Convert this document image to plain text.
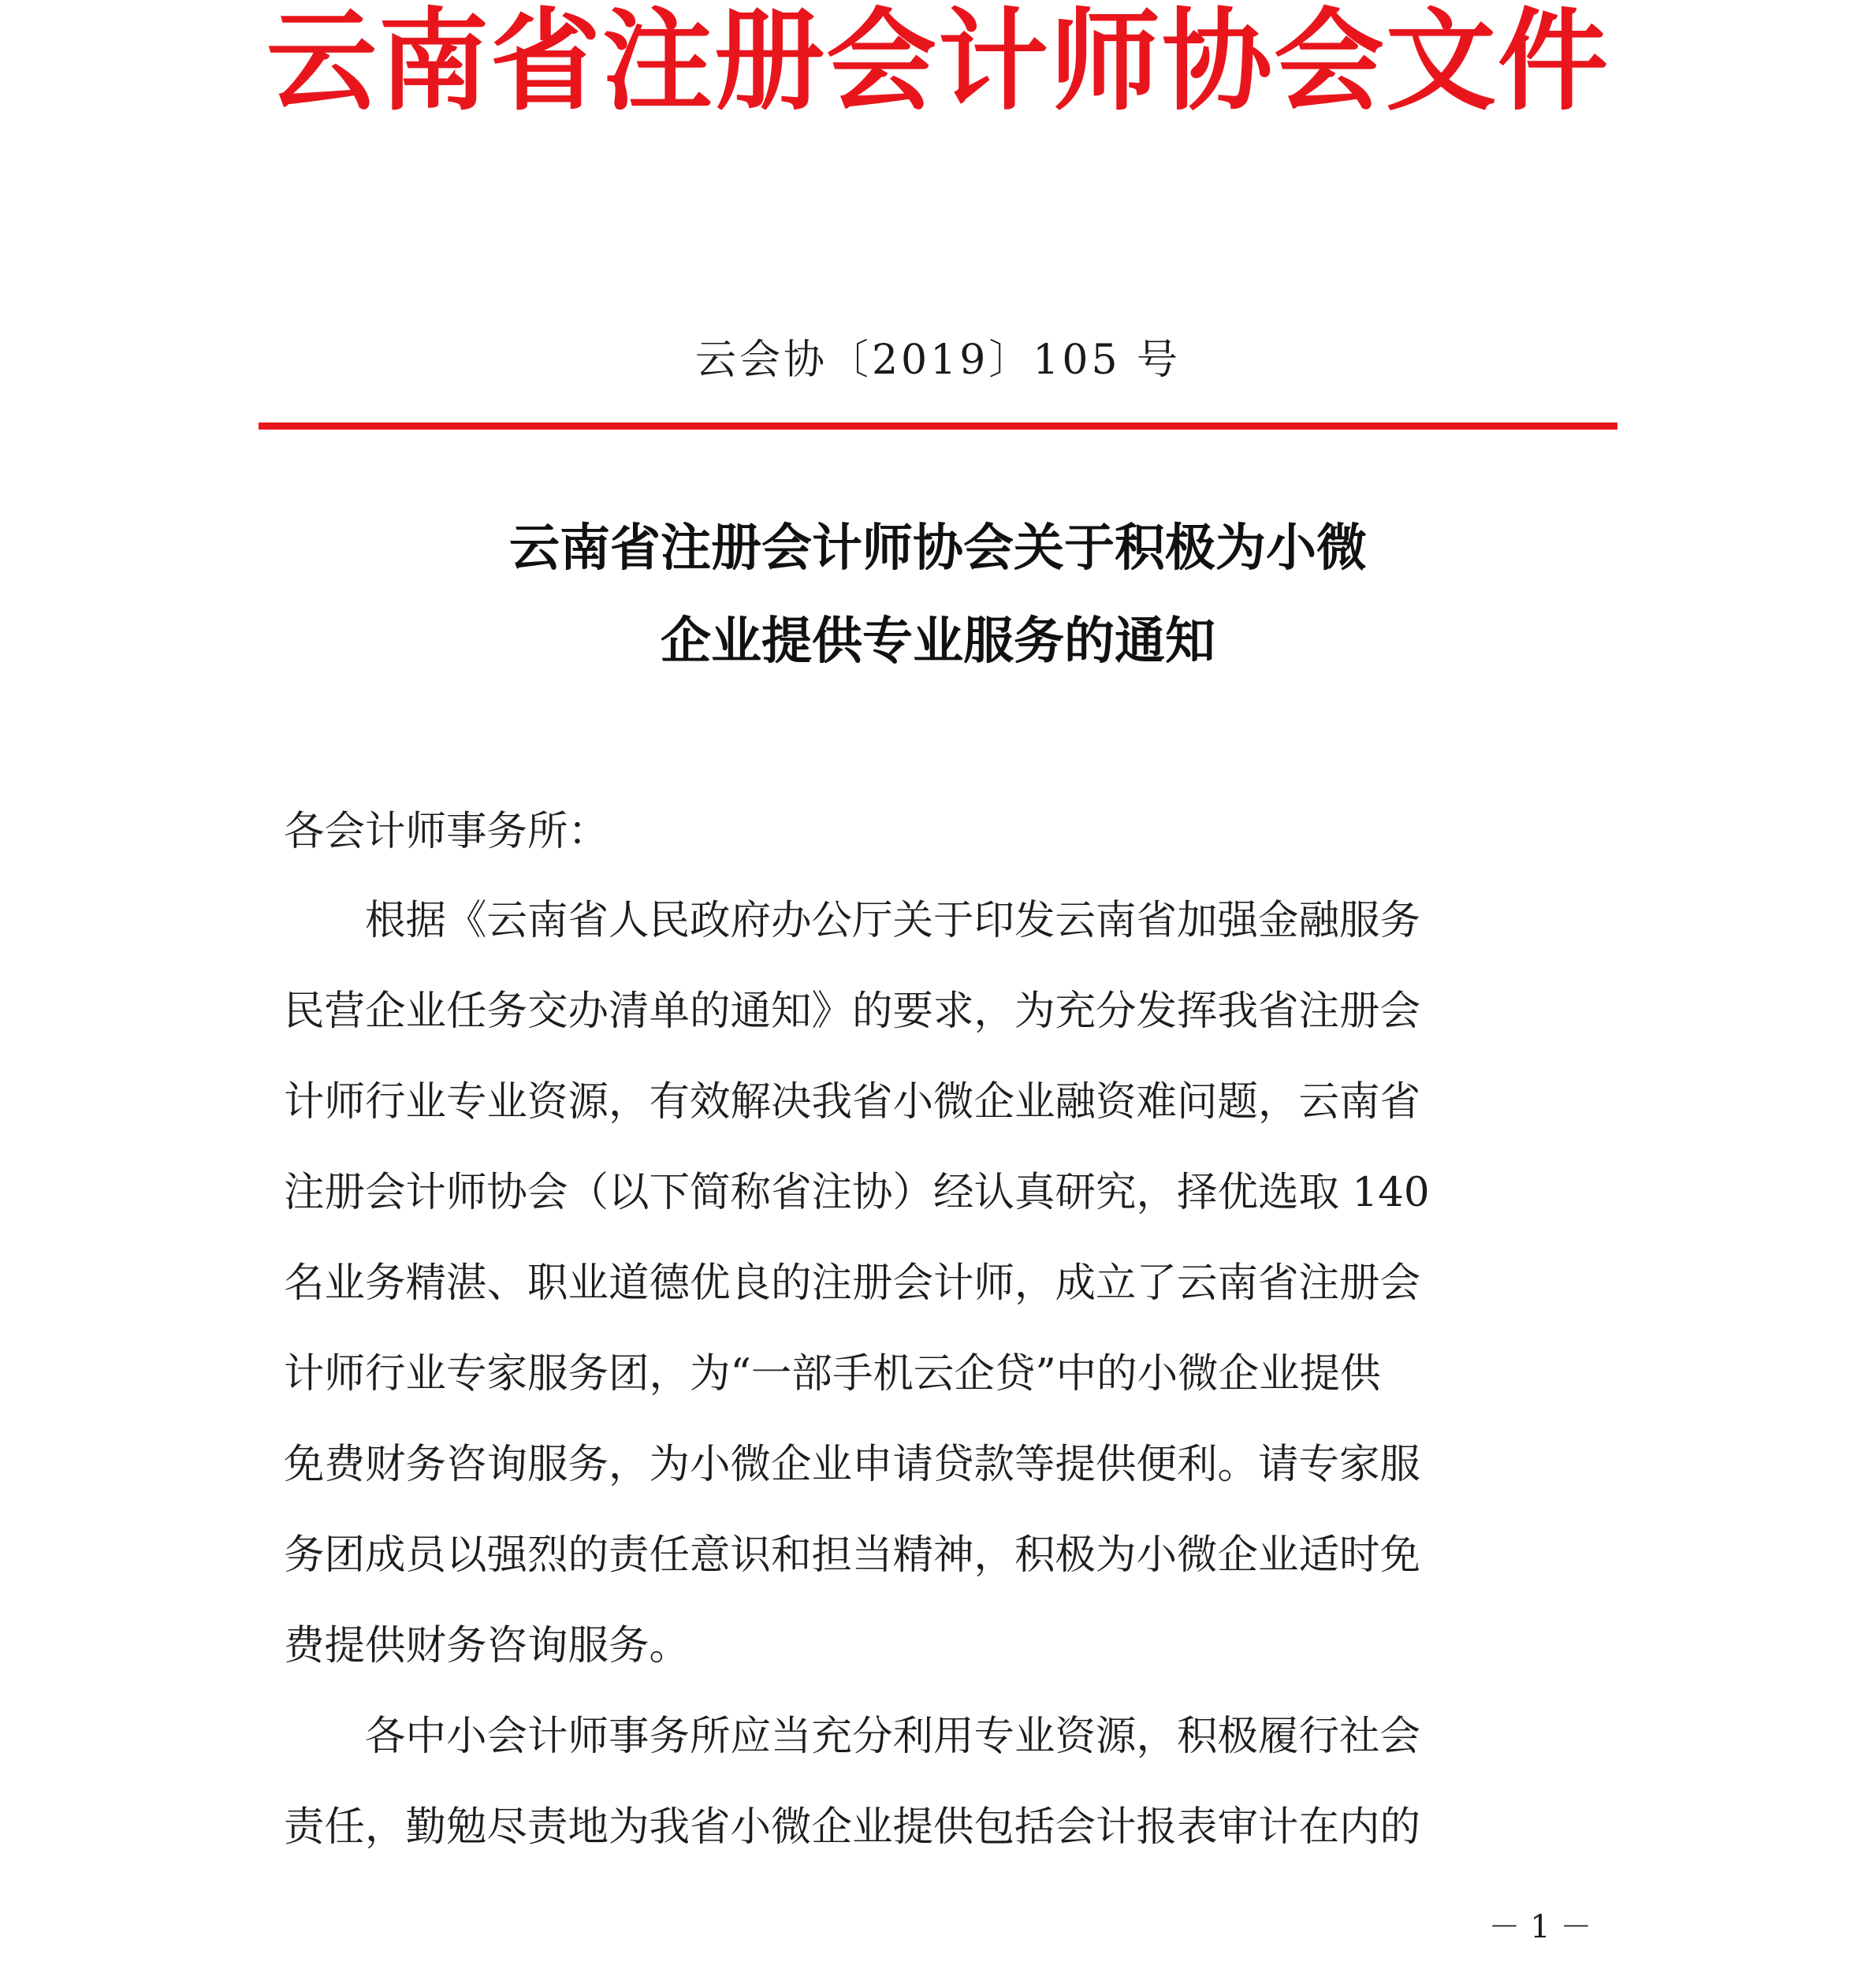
云南省注册会计师协会文件
云会协〔2019〕105 号
云南省注册会计师协会关于积极为小微
企业提供专业服务的通知
各会计师事务所：
　　根据《云南省人民政府办公厅关于印发云南省加强金融服务
民营企业任务交办清单的通知》的要求，为充分发挥我省注册会
计师行业专业资源，有效解决我省小微企业融资难问题，云南省
注册会计师协会（以下简称省注协）经认真研究，择优选取 140
名业务精湛、职业道德优良的注册会计师，成立了云南省注册会
计师行业专家服务团，为“一部手机云企贷”中的小微企业提供
免费财务咨询服务，为小微企业申请贷款等提供便利。请专家服
务团成员以强烈的责任意识和担当精神，积极为小微企业适时免
费提供财务咨询服务。
　　各中小会计师事务所应当充分利用专业资源，积极履行社会
责任，勤勉尽责地为我省小微企业提供包括会计报表审计在内的
－ 1 －
